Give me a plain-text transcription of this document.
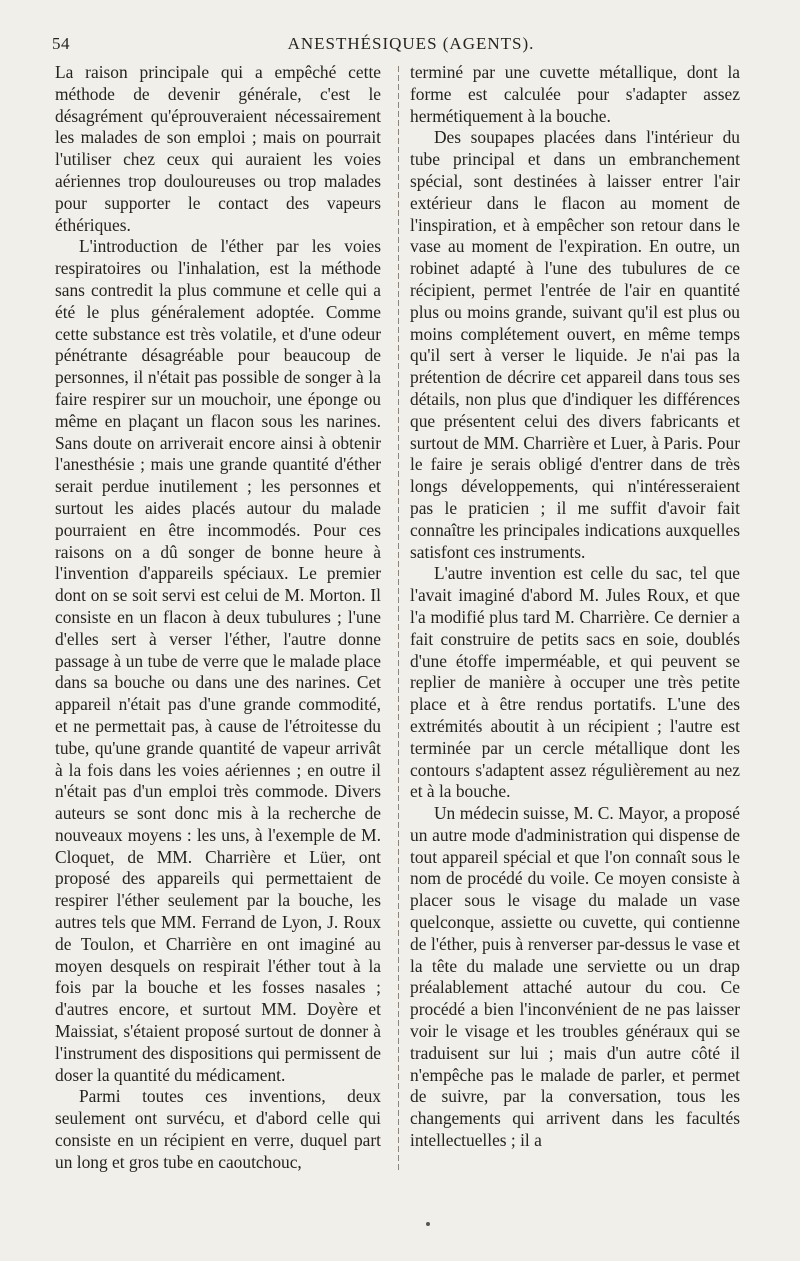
54	ANESTHÉSIQUES (AGENTS).

La raison principale qui a empêché cette méthode de devenir générale, c'est le désagrément qu'éprouveraient nécessairement les malades de son emploi ; mais on pourrait l'utiliser chez ceux qui auraient les voies aériennes trop douloureuses ou trop malades pour supporter le contact des vapeurs éthériques.

L'introduction de l'éther par les voies respiratoires ou l'inhalation, est la méthode sans contredit la plus commune et celle qui a été le plus généralement adoptée. Comme cette substance est très volatile, et d'une odeur pénétrante désagréable pour beaucoup de personnes, il n'était pas possible de songer à la faire respirer sur un mouchoir, une éponge ou même en plaçant un flacon sous les narines. Sans doute on arriverait encore ainsi à obtenir l'anesthésie ; mais une grande quantité d'éther serait perdue inutilement ; les personnes et surtout les aides placés autour du malade pourraient en être incommodés. Pour ces raisons on a dû songer de bonne heure à l'invention d'appareils spéciaux. Le premier dont on se soit servi est celui de M. Morton. Il consiste en un flacon à deux tubulures ; l'une d'elles sert à verser l'éther, l'autre donne passage à un tube de verre que le malade place dans sa bouche ou dans une des narines. Cet appareil n'était pas d'une grande commodité, et ne permettait pas, à cause de l'étroitesse du tube, qu'une grande quantité de vapeur arrivât à la fois dans les voies aériennes ; en outre il n'était pas d'un emploi très commode. Divers auteurs se sont donc mis à la recherche de nouveaux moyens : les uns, à l'exemple de M. Cloquet, de MM. Charrière et Lüer, ont proposé des appareils qui permettaient de respirer l'éther seulement par la bouche, les autres tels que MM. Ferrand de Lyon, J. Roux de Toulon, et Charrière en ont imaginé au moyen desquels on respirait l'éther tout à la fois par la bouche et les fosses nasales ; d'autres encore, et surtout MM. Doyère et Maissiat, s'étaient proposé surtout de donner à l'instrument des dispositions qui permissent de doser la quantité du médicament.

Parmi toutes ces inventions, deux seulement ont survécu, et d'abord celle qui consiste en un récipient en verre, duquel part un long et gros tube en caoutchouc,

terminé par une cuvette métallique, dont la forme est calculée pour s'adapter assez hermétiquement à la bouche.

Des soupapes placées dans l'intérieur du tube principal et dans un embranchement spécial, sont destinées à laisser entrer l'air extérieur dans le flacon au moment de l'inspiration, et à empêcher son retour dans le vase au moment de l'expiration. En outre, un robinet adapté à l'une des tubulures de ce récipient, permet l'entrée de l'air en quantité plus ou moins grande, suivant qu'il est plus ou moins complétement ouvert, en même temps qu'il sert à verser le liquide. Je n'ai pas la prétention de décrire cet appareil dans tous ses détails, non plus que d'indiquer les différences que présentent celui des divers fabricants et surtout de MM. Charrière et Luer, à Paris. Pour le faire je serais obligé d'entrer dans de très longs développements, qui n'intéresseraient pas le praticien ; il me suffit d'avoir fait connaître les principales indications auxquelles satisfont ces instruments.

L'autre invention est celle du sac, tel que l'avait imaginé d'abord M. Jules Roux, et que l'a modifié plus tard M. Charrière. Ce dernier a fait construire de petits sacs en soie, doublés d'une étoffe imperméable, et qui peuvent se replier de manière à occuper une très petite place et à être rendus portatifs. L'une des extrémités aboutit à un récipient ; l'autre est terminée par un cercle métallique dont les contours s'adaptent assez régulièrement au nez et à la bouche.

Un médecin suisse, M. C. Mayor, a proposé un autre mode d'administration qui dispense de tout appareil spécial et que l'on connaît sous le nom de procédé du voile. Ce moyen consiste à placer sous le visage du malade un vase quelconque, assiette ou cuvette, qui contienne de l'éther, puis à renverser par-dessus le vase et la tête du malade une serviette ou un drap préalablement attaché autour du cou. Ce procédé a bien l'inconvénient de ne pas laisser voir le visage et les troubles généraux qui se traduisent sur lui ; mais d'un autre côté il n'empêche pas le malade de parler, et permet de suivre, par la conversation, tous les changements qui arrivent dans les facultés intellectuelles ; il a
